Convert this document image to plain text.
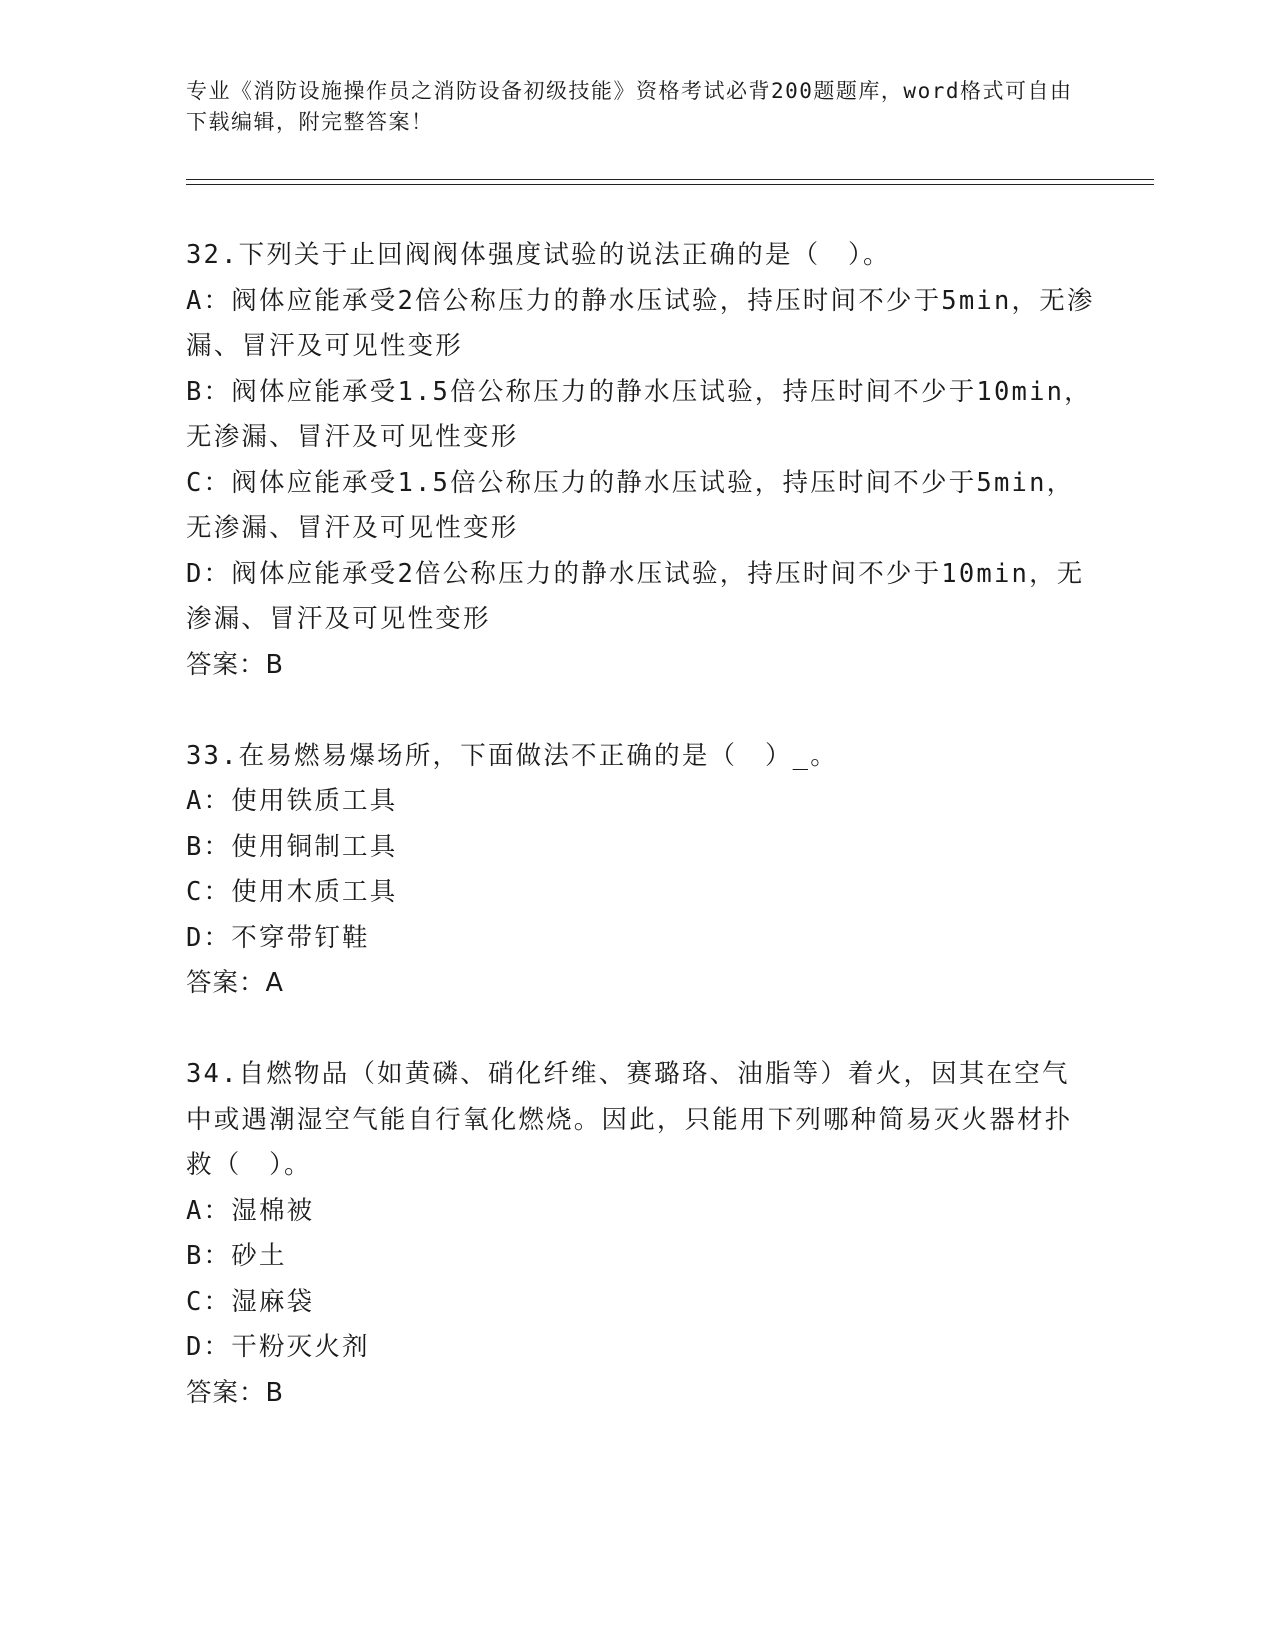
专业《消防设施操作员之消防设备初级技能》资格考试必背200题题库，word格式可自由下载编辑，附完整答案！

32.下列关于止回阀阀体强度试验的说法正确的是（　）。

A：阀体应能承受2倍公称压力的静水压试验，持压时间不少于5min，无渗漏、冒汗及可见性变形

B：阀体应能承受1.5倍公称压力的静水压试验，持压时间不少于10min，无渗漏、冒汗及可见性变形

C：阀体应能承受1.5倍公称压力的静水压试验，持压时间不少于5min，无渗漏、冒汗及可见性变形

D：阀体应能承受2倍公称压力的静水压试验，持压时间不少于10min，无渗漏、冒汗及可见性变形

答案：B

33.在易燃易爆场所，下面做法不正确的是（　）_。

A：使用铁质工具

B：使用铜制工具

C：使用木质工具

D：不穿带钉鞋

答案：A

34.自燃物品（如黄磷、硝化纤维、赛璐珞、油脂等）着火，因其在空气中或遇潮湿空气能自行氧化燃烧。因此，只能用下列哪种简易灭火器材扑救（　）。

A：湿棉被

B：砂土

C：湿麻袋

D：干粉灭火剂

答案：B
